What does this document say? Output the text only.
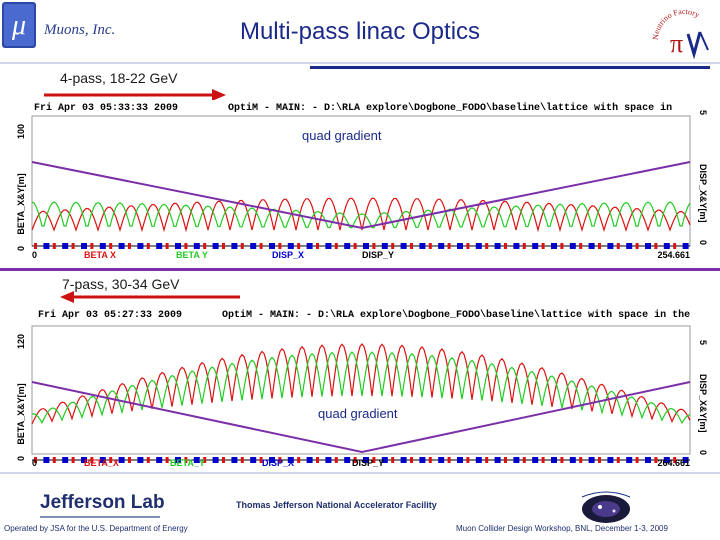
μ Muons, Inc.	Multi-pass linac Optics	Neutrino Factory
π
4-pass, 18-22 GeV
Fri Apr 03 05:33:33 2009	OptiM - MAIN: - D:\RLA explore\Dogbone_FODO\baseline\lattice with space in
100
0
BETA_X&Y[m]
5
0
DISP_X&Y[m]
0	254.661
BETA X	BETA Y	DISP_X	DISP_Y
quad gradient
7-pass, 30-34 GeV
Fri Apr 03 05:27:33 2009	OptiM - MAIN: - D:\RLA explore\Dogbone_FODO\baseline\lattice with space in the
120
0
BETA_X&Y[m]
5
0
DISP_X&Y[m]
0	264.661
BETA_X	BETA_Y	DISP_X	DISP_Y
quad gradient
Jefferson Lab	Thomas Jefferson National Accelerator Facility
Operated by JSA for the U.S. Department of Energy	Muon Collider Design Workshop, BNL, December 1-3, 2009
